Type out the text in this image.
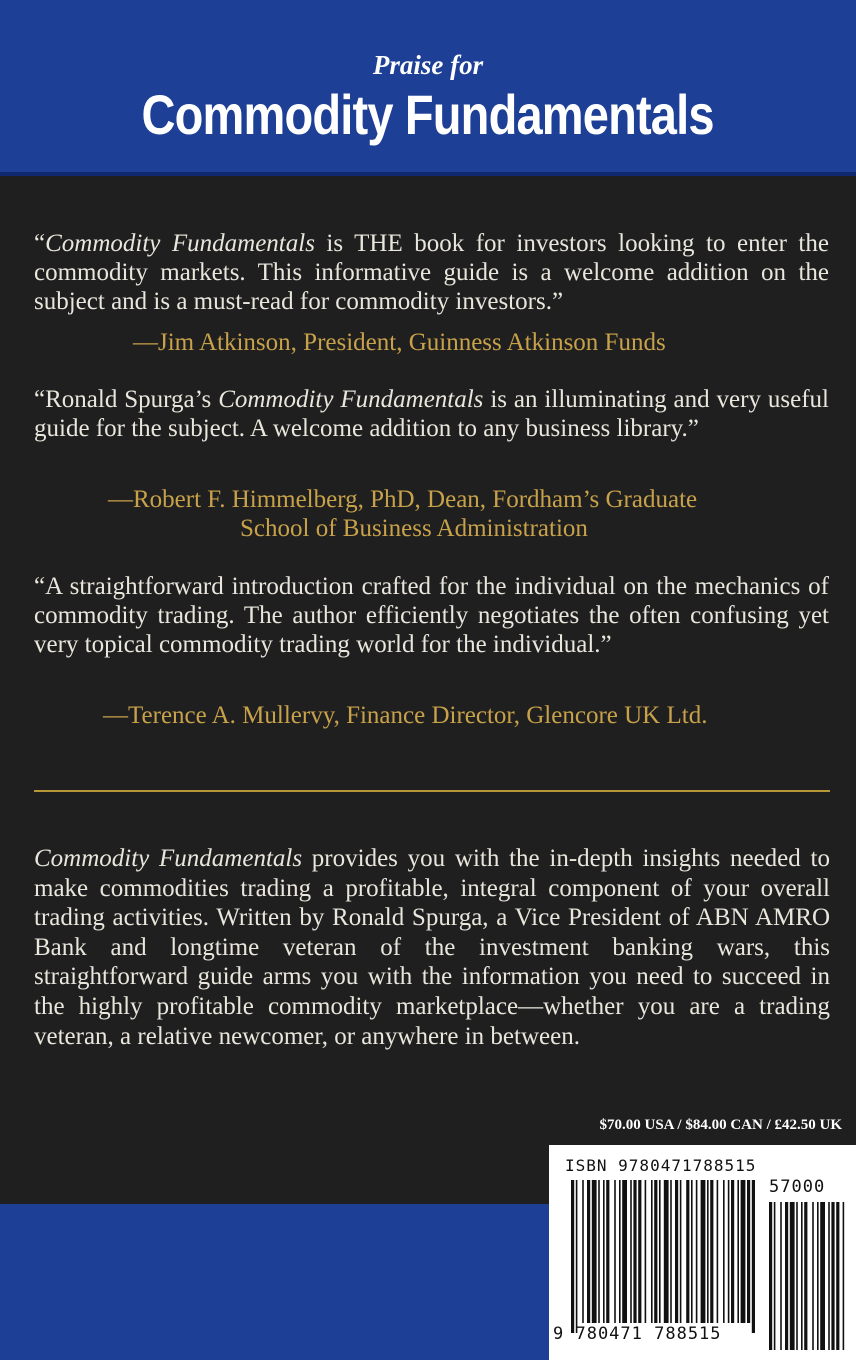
Praise for
Commodity Fundamentals

“Commodity Fundamentals is THE book for investors looking to enter the commodity markets. This informative guide is a welcome addition on the subject and is a must-read for commodity investors.”

—Jim Atkinson, President, Guinness Atkinson Funds

“Ronald Spurga’s Commodity Fundamentals is an illuminating and very useful guide for the subject. A welcome addition to any business library.”

—Robert F. Himmelberg, PhD, Dean, Fordham’s Graduate
School of Business Administration

“A straightforward introduction crafted for the individual on the mechanics of commodity trading. The author efficiently negotiates the often confusing yet very topical commodity trading world for the individual.”

—Terence A. Mullervy, Finance Director, Glencore UK Ltd.

Commodity Fundamentals provides you with the in-depth insights needed to make commodities trading a profitable, integral component of your overall trading activities. Written by Ronald Spurga, a Vice President of ABN AMRO Bank and longtime veteran of the investment banking wars, this straightforward guide arms you with the information you need to succeed in the highly profitable commodity marketplace—whether you are a trading veteran, a relative newcomer, or anywhere in between.

$70.00 USA / $84.00 CAN / £42.50 UK
ISBN 9780471788515
57000
9 780471 788515
